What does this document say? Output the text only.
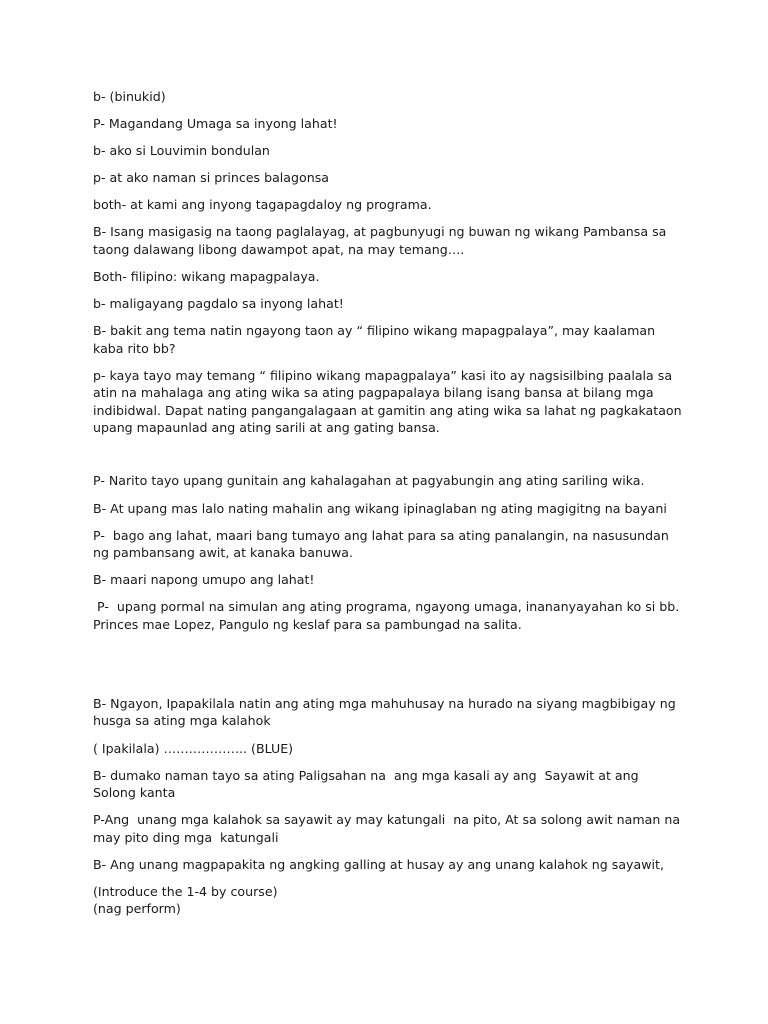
b- (binukid)

P- Magandang Umaga sa inyong lahat!

b- ako si Louvimin bondulan

p- at ako naman si princes balagonsa

both- at kami ang inyong tagapagdaloy ng programa.

B- Isang masigasig na taong paglalayag, at pagbunyugi ng buwan ng wikang Pambansa sa taong dalawang libong dawampot apat, na may temang….

Both- filipino: wikang mapagpalaya.

b- maligayang pagdalo sa inyong lahat!

B- bakit ang tema natin ngayong taon ay “ filipino wikang mapagpalaya”, may kaalaman kaba rito bb?

p- kaya tayo may temang “ filipino wikang mapagpalaya” kasi ito ay nagsisilbing paalala sa atin na mahalaga ang ating wika sa ating pagpapalaya bilang isang bansa at bilang mga indibidwal. Dapat nating pangangalagaan at gamitin ang ating wika sa lahat ng pagkakataon upang mapaunlad ang ating sarili at ang gating bansa.

P- Narito tayo upang gunitain ang kahalagahan at pagyabungin ang ating sariling wika.

B- At upang mas lalo nating mahalin ang wikang ipinaglaban ng ating magigitng na bayani

P-  bago ang lahat, maari bang tumayo ang lahat para sa ating panalangin, na nasusundan ng pambansang awit, at kanaka banuwa.

B- maari napong umupo ang lahat!

P-  upang pormal na simulan ang ating programa, ngayong umaga, inananyayahan ko si bb. Princes mae Lopez, Pangulo ng keslaf para sa pambungad na salita.

B- Ngayon, Ipapakilala natin ang ating mga mahuhusay na hurado na siyang magbibigay ng husga sa ating mga kalahok

( Ipakilala) ……………….. (BLUE)

B- dumako naman tayo sa ating Paligsahan na  ang mga kasali ay ang  Sayawit at ang Solong kanta

P-Ang  unang mga kalahok sa sayawit ay may katungali  na pito, At sa solong awit naman na may pito ding mga  katungali

B- Ang unang magpapakita ng angking galling at husay ay ang unang kalahok ng sayawit,

(Introduce the 1-4 by course)

(nag perform)
